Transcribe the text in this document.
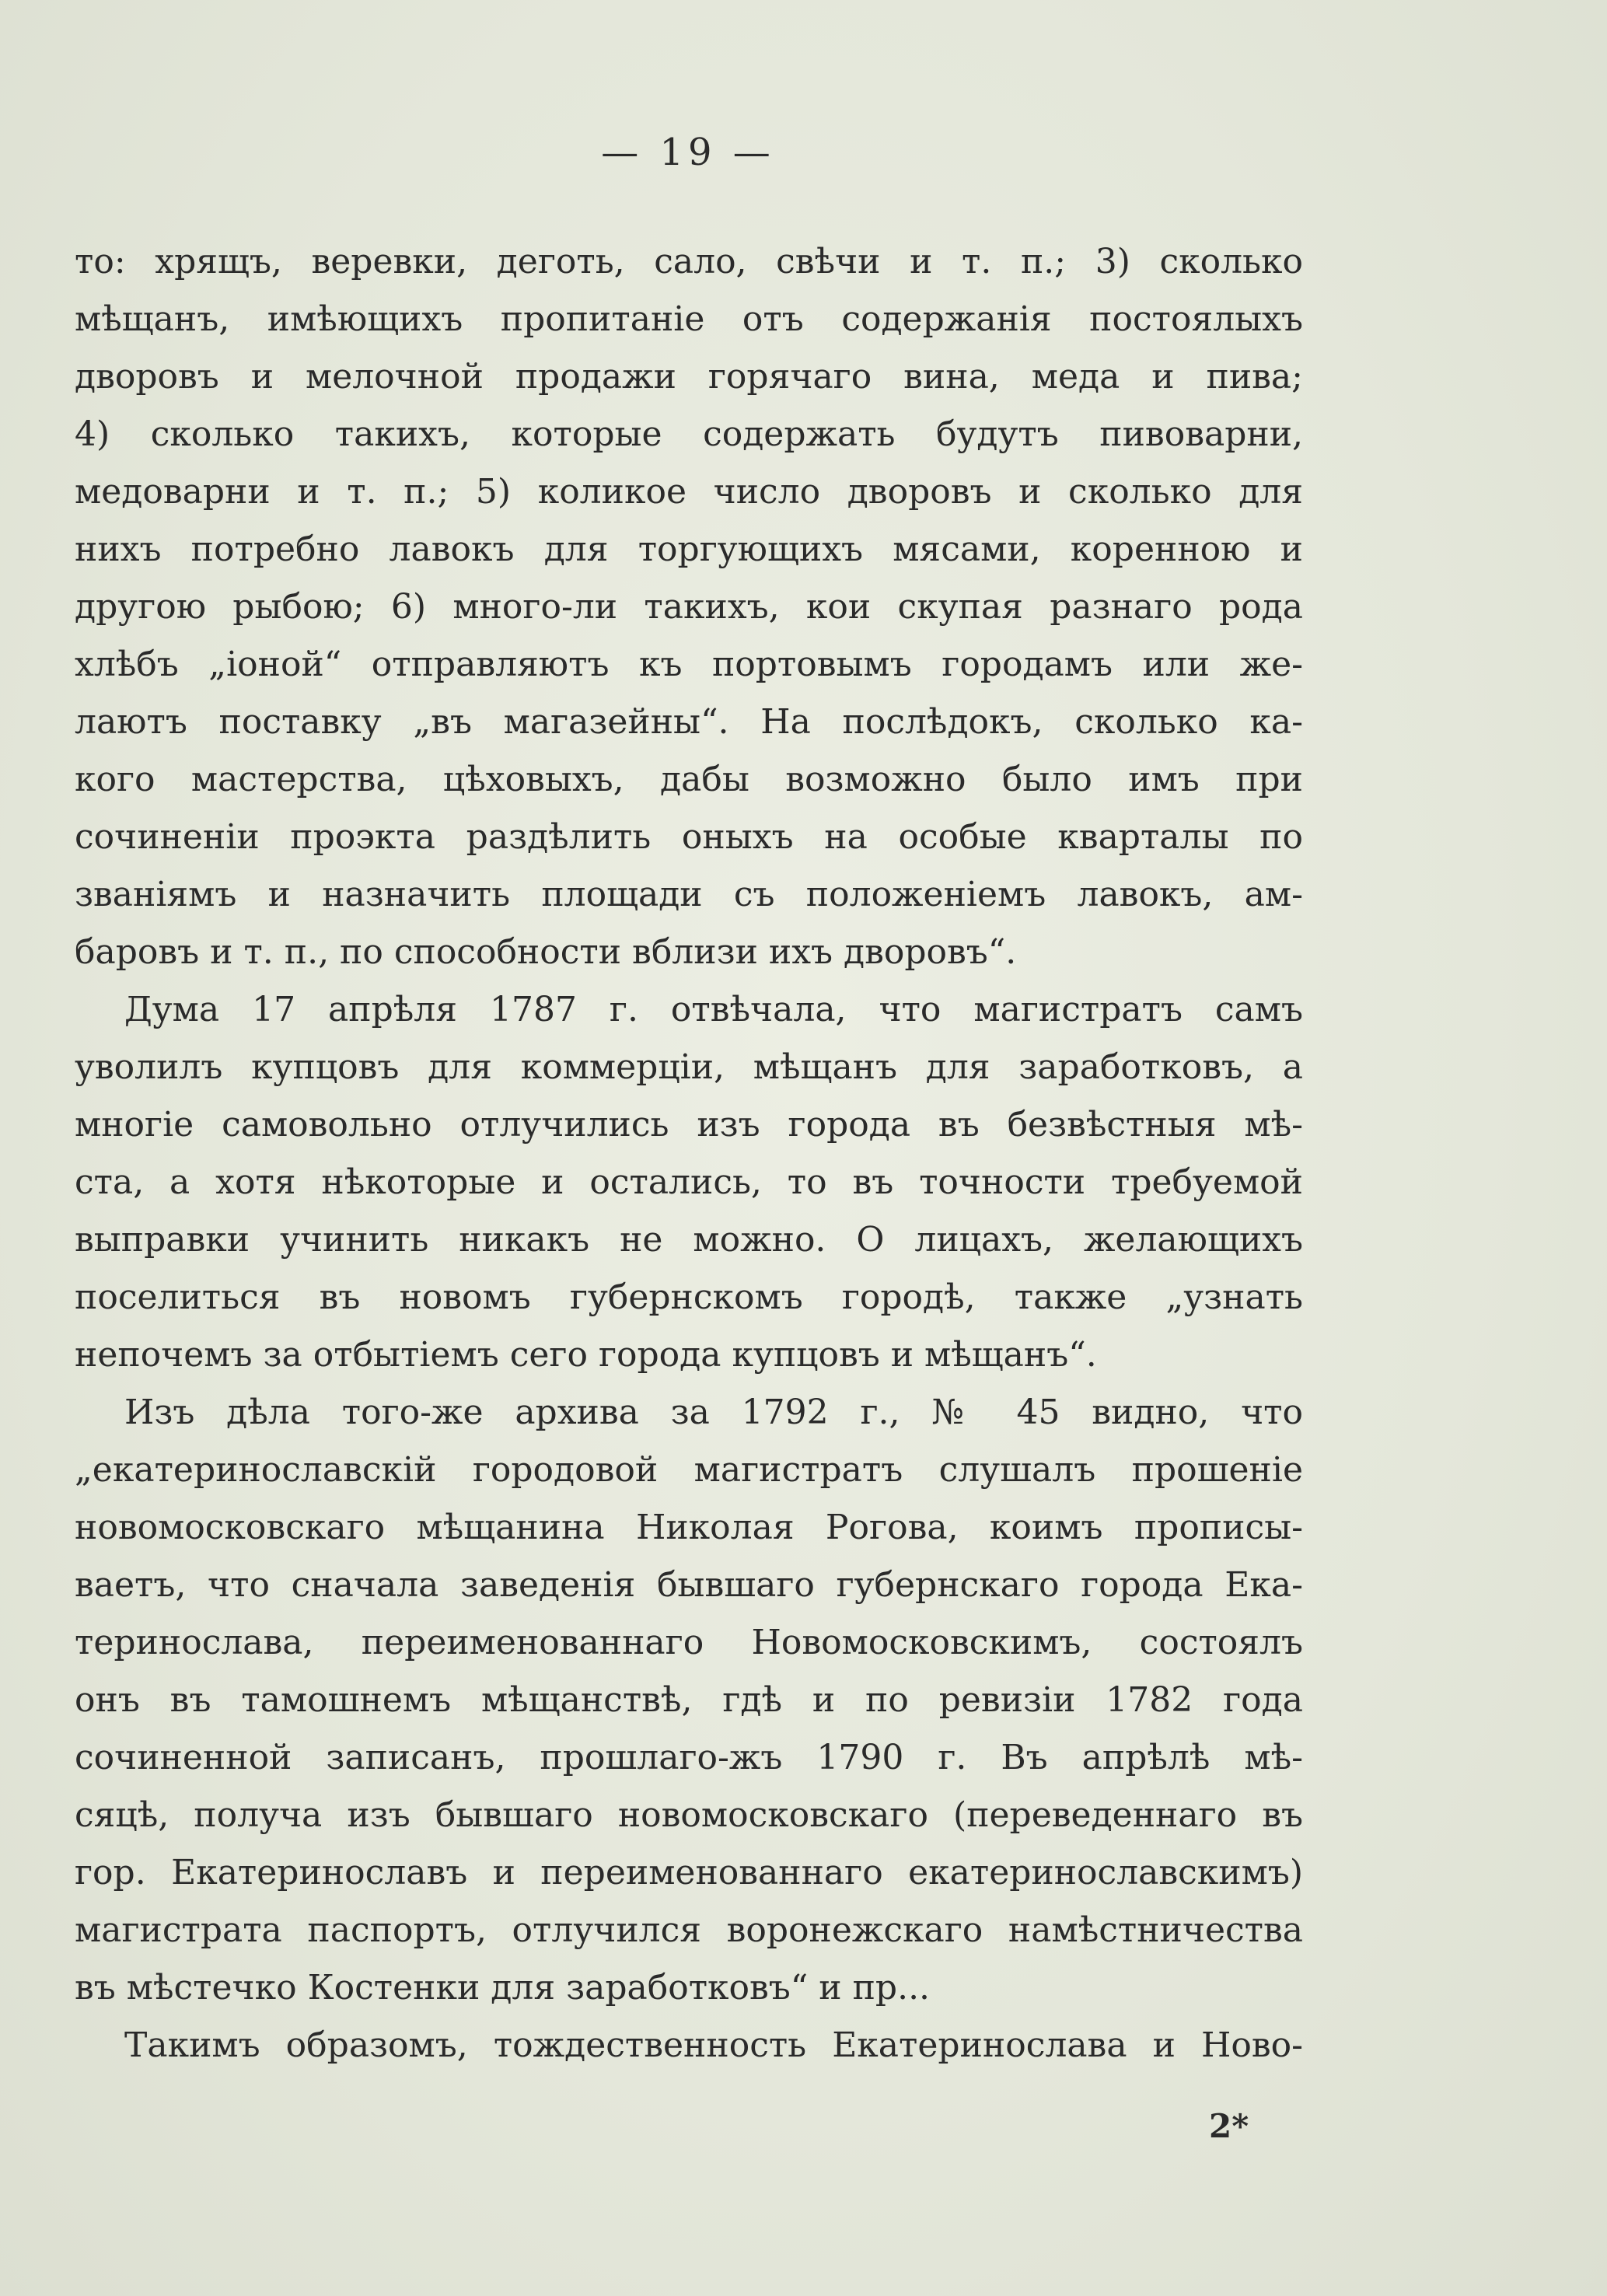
— 19 —
то: хрящъ, веревки, деготь, сало, свѣчи и т. п.; 3) сколько
мѣщанъ, имѣющихъ пропитаніе отъ содержанія постоялыхъ
дворовъ и мелочной продажи горячаго вина, меда и пива;
4) сколько такихъ, которые содержать будутъ пивоварни,
медоварни и т. п.; 5) коликое число дворовъ и сколько для
нихъ потребно лавокъ для торгующихъ мясами, коренною и
другою рыбою; 6) много-ли такихъ, кои скупая разнаго рода
хлѣбъ „іоной“ отправляютъ къ портовымъ городамъ или же-
лаютъ поставку „въ магазейны“. На послѣдокъ, сколько ка-
кого мастерства, цѣховыхъ, дабы возможно было имъ при
сочиненіи проэкта раздѣлить оныхъ на особые кварталы по
званіямъ и назначить площади съ положеніемъ лавокъ, ам-
баровъ и т. п., по способности вблизи ихъ дворовъ“.
Дума 17 апрѣля 1787 г. отвѣчала, что магистратъ самъ
уволилъ купцовъ для коммерціи, мѣщанъ для заработковъ, а
многіе самовольно отлучились изъ города въ безвѣстныя мѣ-
ста, а хотя нѣкоторые и остались, то въ точности требуемой
выправки учинить никакъ не можно. О лицахъ, желающихъ
поселиться въ новомъ губернскомъ городѣ, также „узнать
непочемъ за отбытіемъ сего города купцовъ и мѣщанъ“.
Изъ дѣла того-же архива за 1792 г., № 45 видно, что
„екатеринославскій городовой магистратъ слушалъ прошеніе
новомосковскаго мѣщанина Николая Рогова, коимъ прописы-
ваетъ, что сначала заведенія бывшаго губернскаго города Ека-
теринослава, переименованнаго Новомосковскимъ, состоялъ
онъ въ тамошнемъ мѣщанствѣ, гдѣ и по ревизіи 1782 года
сочиненной записанъ, прошлаго-жъ 1790 г. Въ апрѣлѣ мѣ-
сяцѣ, получа изъ бывшаго новомосковскаго (переведеннаго въ
гор. Екатеринославъ и переименованнаго екатеринославскимъ)
магистрата паспортъ, отлучился воронежскаго намѣстничества
въ мѣстечко Костенки для заработковъ“ и пр...
Такимъ образомъ, тождественность Екатеринослава и Ново-
2*
